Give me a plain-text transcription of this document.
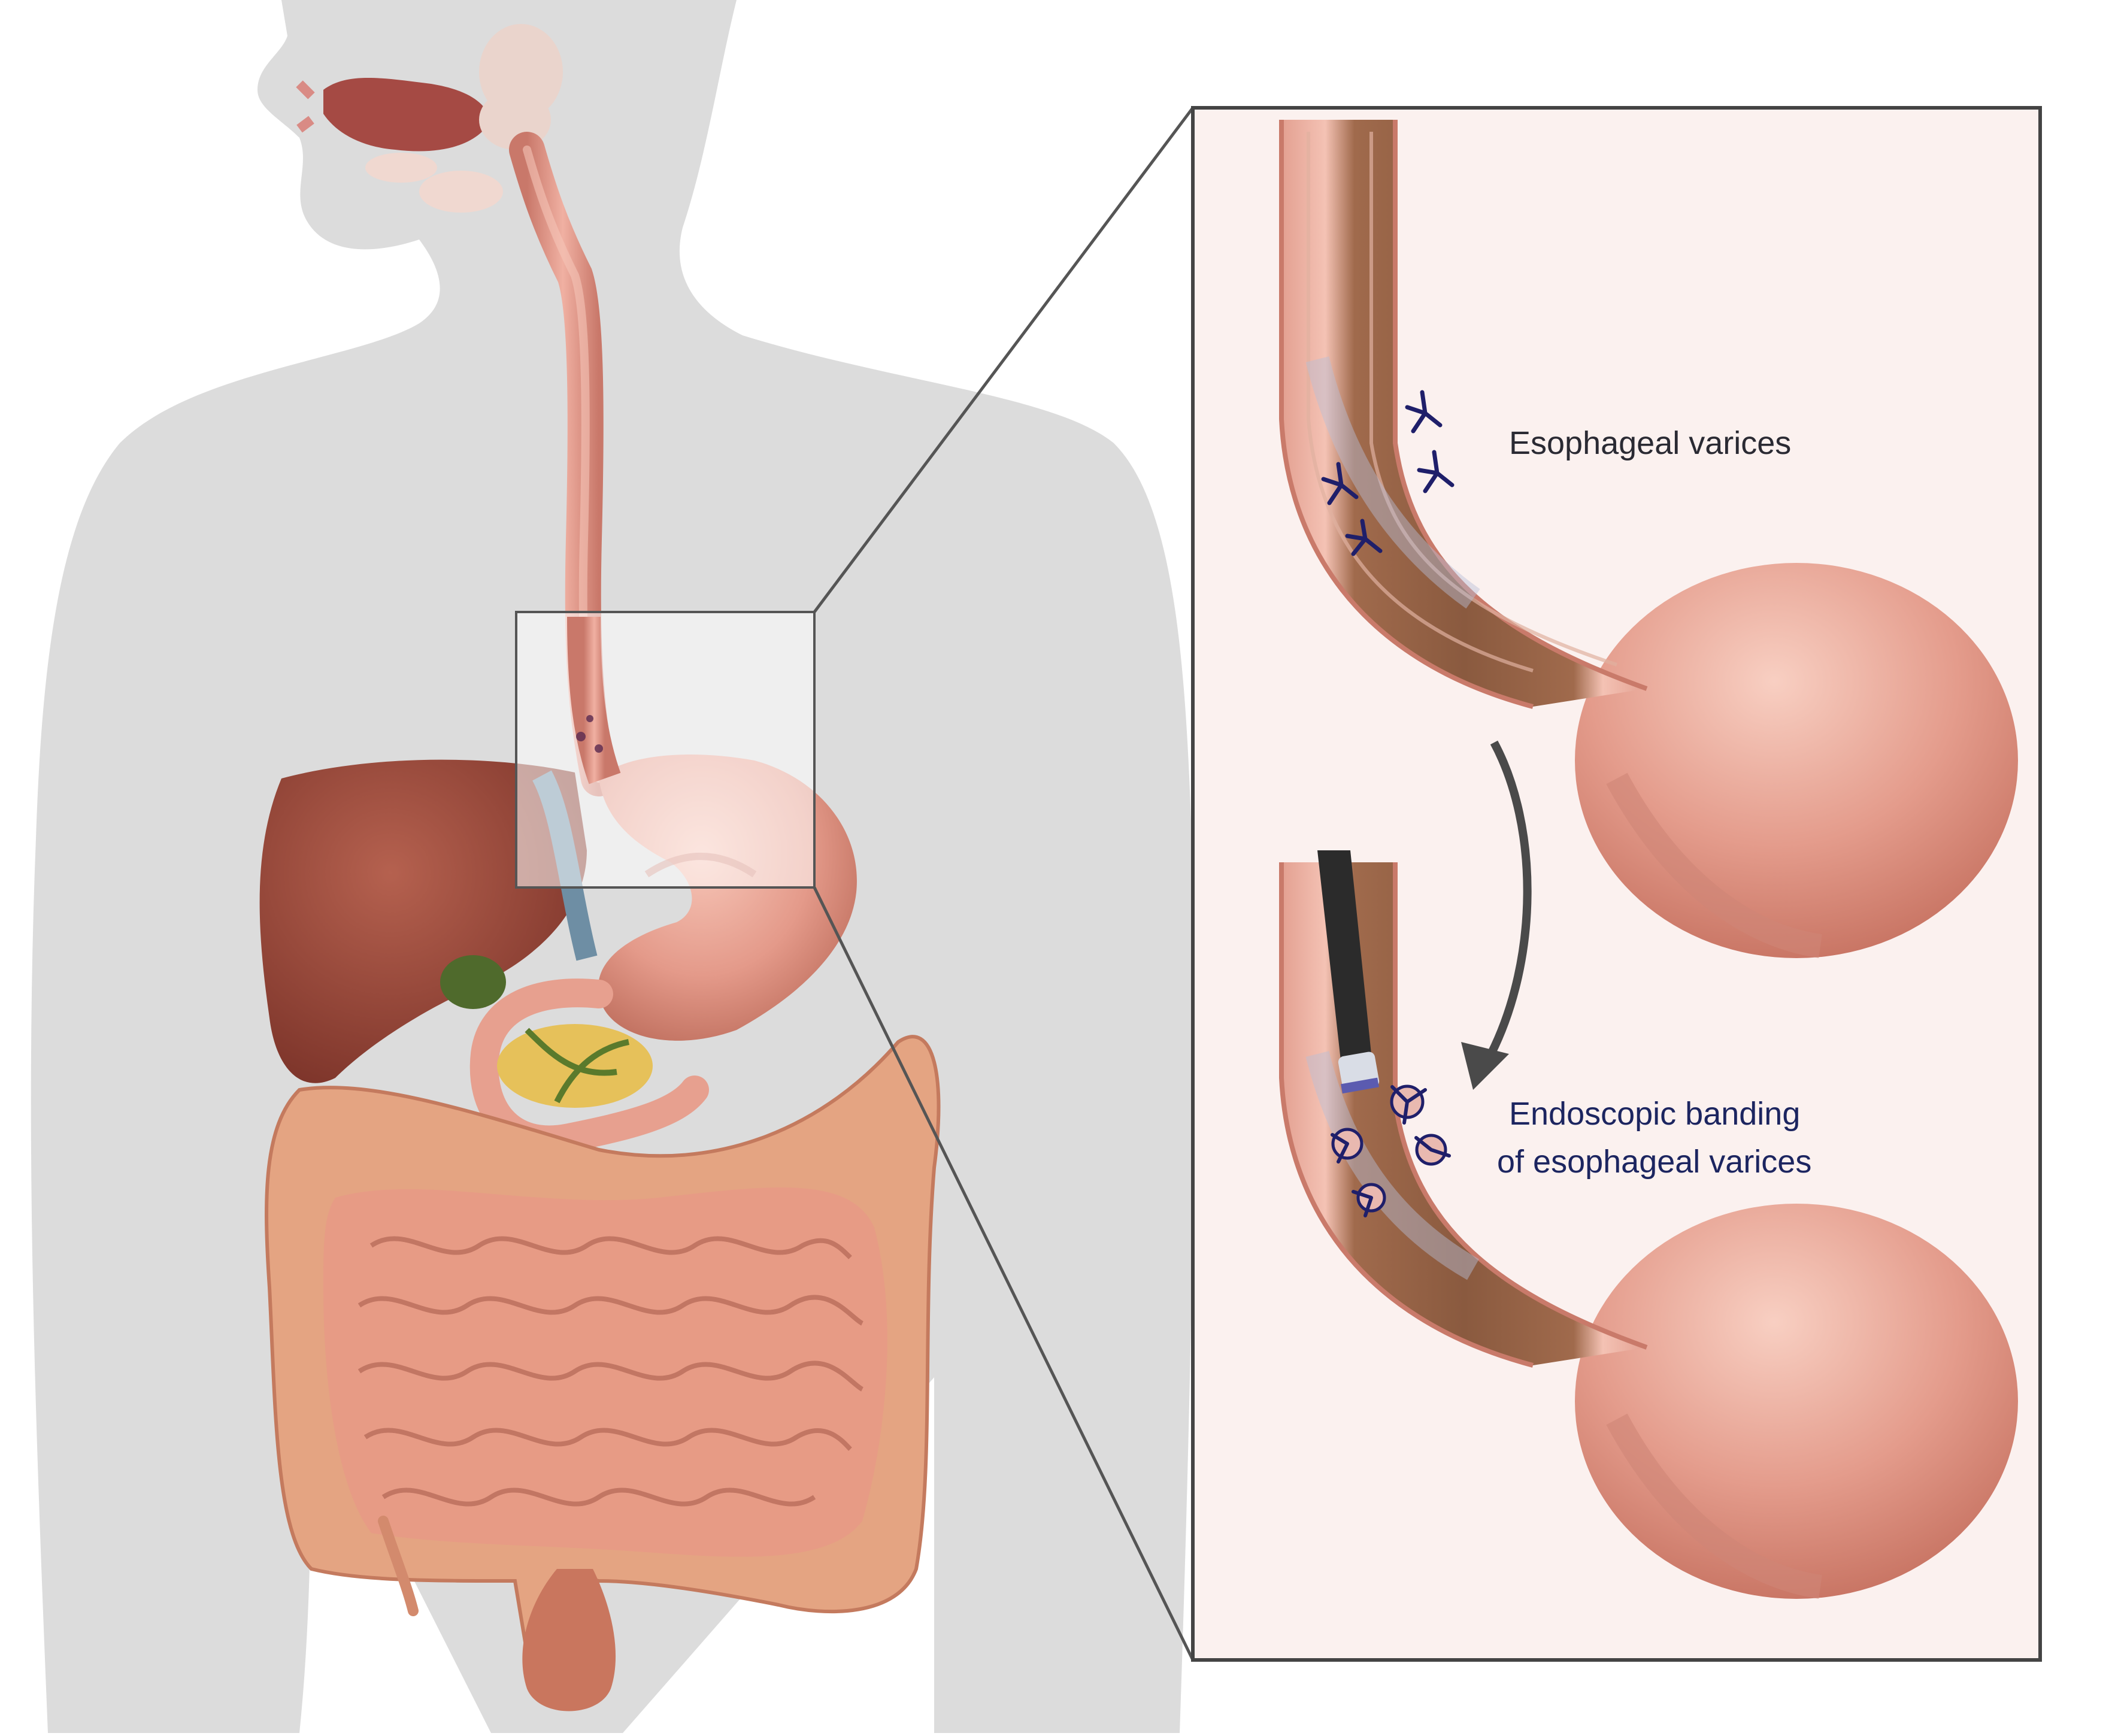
Esophageal varices
Endoscopic banding
of esophageal varices
